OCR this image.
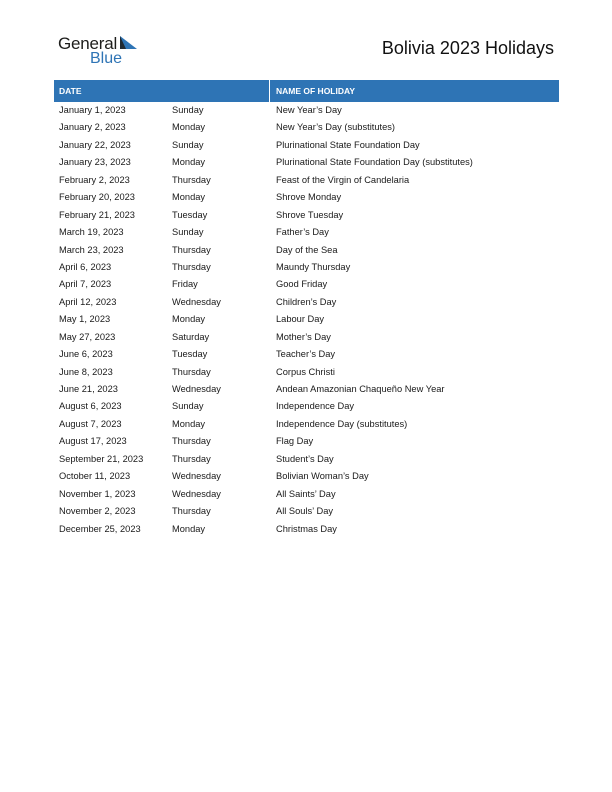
General
Blue
Bolivia 2023 Holidays
DATE	NAME OF HOLIDAY
January 1, 2023	Sunday	New Year’s Day
January 2, 2023	Monday	New Year’s Day (substitutes)
January 22, 2023	Sunday	Plurinational State Foundation Day
January 23, 2023	Monday	Plurinational State Foundation Day (substitutes)
February 2, 2023	Thursday	Feast of the Virgin of Candelaria
February 20, 2023	Monday	Shrove Monday
February 21, 2023	Tuesday	Shrove Tuesday
March 19, 2023	Sunday	Father’s Day
March 23, 2023	Thursday	Day of the Sea
April 6, 2023	Thursday	Maundy Thursday
April 7, 2023	Friday	Good Friday
April 12, 2023	Wednesday	Children’s Day
May 1, 2023	Monday	Labour Day
May 27, 2023	Saturday	Mother’s Day
June 6, 2023	Tuesday	Teacher’s Day
June 8, 2023	Thursday	Corpus Christi
June 21, 2023	Wednesday	Andean Amazonian Chaqueño New Year
August 6, 2023	Sunday	Independence Day
August 7, 2023	Monday	Independence Day (substitutes)
August 17, 2023	Thursday	Flag Day
September 21, 2023	Thursday	Student’s Day
October 11, 2023	Wednesday	Bolivian Woman’s Day
November 1, 2023	Wednesday	All Saints’ Day
November 2, 2023	Thursday	All Souls’ Day
December 25, 2023	Monday	Christmas Day
